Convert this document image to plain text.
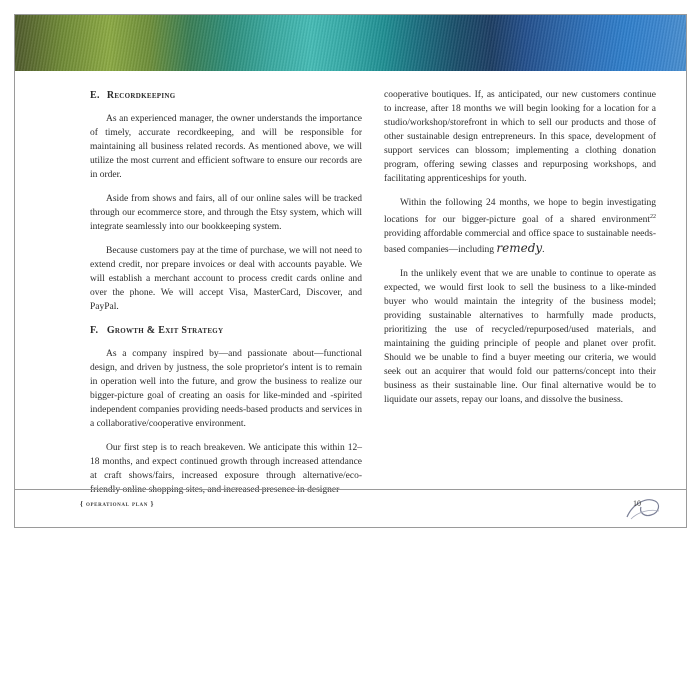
E. Recordkeeping

As an experienced manager, the owner understands the importance of timely, accurate recordkeeping, and will be responsible for maintaining all business related records. As mentioned above, we will utilize the most current and efficient software to ensure our records are in order.

Aside from shows and fairs, all of our online sales will be tracked through our ecommerce store, and through the Etsy system, which will integrate seamlessly into our bookkeeping system.

Because customers pay at the time of purchase, we will not need to extend credit, nor prepare invoices or deal with accounts payable. We will establish a merchant account to process credit cards online and over the phone. We will accept Visa, MasterCard, Discover, and PayPal.

F. Growth & Exit Strategy

As a company inspired by—and passionate about—functional design, and driven by justness, the sole proprietor's intent is to remain in operation well into the future, and grow the business to realize our bigger-picture goal of creating an oasis for like-minded and -spirited independent companies providing needs-based products and services in a collaborative/cooperative environment.

Our first step is to reach breakeven. We anticipate this within 12–18 months, and expect continued growth through increased attendance at craft shows/fairs, increased exposure through alternative/eco-friendly online shopping sites, and increased presence in designer

cooperative boutiques. If, as anticipated, our new customers continue to increase, after 18 months we will begin looking for a location for a studio/workshop/storefront in which to sell our products and those of other sustainable design entrepreneurs. In this space, development of support services can blossom; implementing a clothing donation program, offering sewing classes and repurposing workshops, and facilitating apprenticeships for youth.

Within the following 24 months, we hope to begin investigating locations for our bigger-picture goal of a shared environment$^{22}$ providing affordable commercial and office space to sustainable needs-based companies—including remedy.

In the unlikely event that we are unable to continue to operate as expected, we would first look to sell the business to a like-minded buyer who would maintain the integrity of the business model; providing sustainable alternatives to harmfully made products, prioritizing the use of recycled/repurposed/used materials, and maintaining the guiding principle of people and planet over profit. Should we be unable to find a buyer meeting our criteria, we would seek out an acquirer that would fold our patterns/concept into their business as their sustainable line. Our final alternative would be to liquidate our assets, repay our loans, and dissolve the business.

{ operational plan }	10
